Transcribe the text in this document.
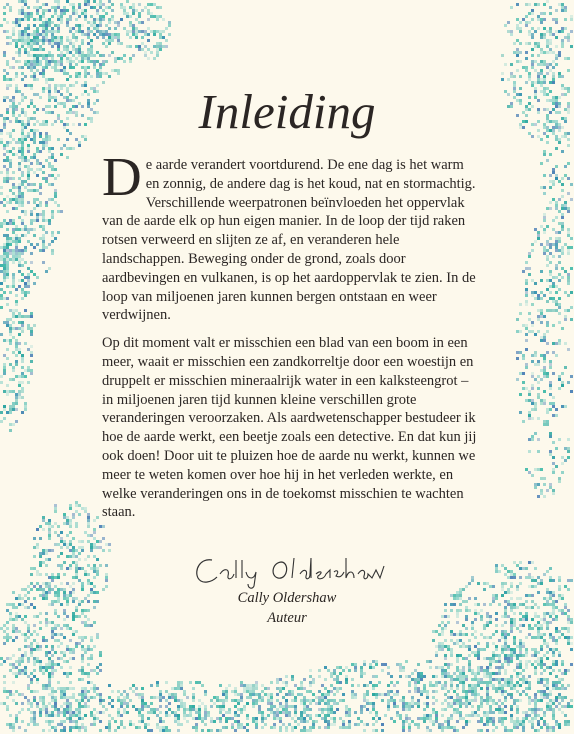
Inleiding

De aarde verandert voortdurend. De ene dag is het warm en zonnig, de andere dag is het koud, nat en stormachtig. Verschillende weerpatronen beïnvloeden het oppervlak van de aarde elk op hun eigen manier. In de loop der tijd raken rotsen verweerd en slijten ze af, en veranderen hele landschappen. Beweging onder de grond, zoals door aardbevingen en vulkanen, is op het aardoppervlak te zien. In de loop van miljoenen jaren kunnen bergen ontstaan en weer verdwijnen.

Op dit moment valt er misschien een blad van een boom in een meer, waait er misschien een zandkorreltje door een woestijn en druppelt er misschien mineraalrijk water in een kalksteengrot – in miljoenen jaren tijd kunnen kleine verschillen grote veranderingen veroorzaken. Als aardwetenschapper bestudeer ik hoe de aarde werkt, een beetje zoals een detective. En dat kun jij ook doen! Door uit te pluizen hoe de aarde nu werkt, kunnen we meer te weten komen over hoe hij in het verleden werkte, en welke veranderingen ons in de toekomst misschien te wachten staan.

Cally Oldershaw
Auteur
